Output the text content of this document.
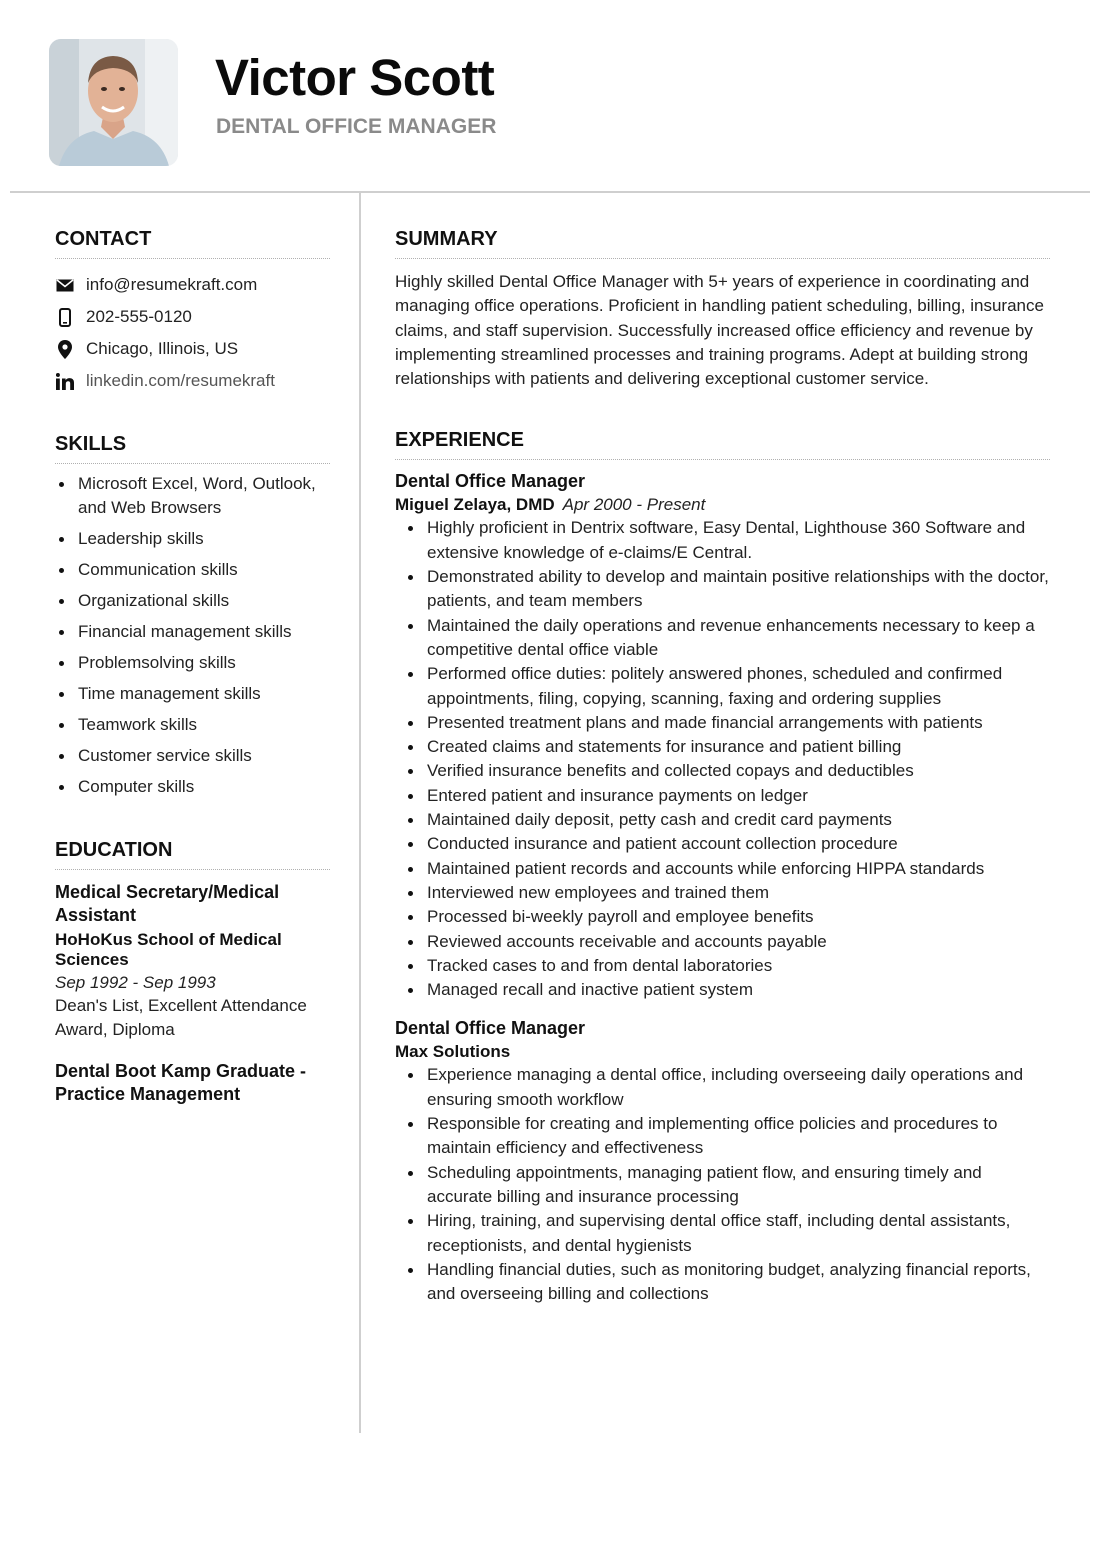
Victor Scott
DENTAL OFFICE MANAGER
CONTACT
info@resumekraft.com
202-555-0120
Chicago, Illinois, US
linkedin.com/resumekraft
SKILLS
Microsoft Excel, Word, Outlook, and Web Browsers
Leadership skills
Communication skills
Organizational skills
Financial management skills
Problemsolving skills
Time management skills
Teamwork skills
Customer service skills
Computer skills
EDUCATION

Medical Secretary/Medical Assistant

HoHoKus School of Medical Sciences

Sep 1992 - Sep 1993

Dean's List, Excellent Attendance Award, Diploma

Dental Boot Kamp Graduate - Practice Management

SUMMARY

Highly skilled Dental Office Manager with 5+ years of experience in coordinating and managing office operations. Proficient in handling patient scheduling, billing, insurance claims, and staff supervision. Successfully increased office efficiency and revenue by implementing streamlined processes and training programs. Adept at building strong relationships with patients and delivering exceptional customer service.

EXPERIENCE

Dental Office Manager

Miguel Zelaya, DMD Apr 2000 - Present

Highly proficient in Dentrix software, Easy Dental, Lighthouse 360 Software and extensive knowledge of e-claims/E Central.
Demonstrated ability to develop and maintain positive relationships with the doctor, patients, and team members
Maintained the daily operations and revenue enhancements necessary to keep a competitive dental office viable
Performed office duties: politely answered phones, scheduled and confirmed appointments, filing, copying, scanning, faxing and ordering supplies
Presented treatment plans and made financial arrangements with patients
Created claims and statements for insurance and patient billing
Verified insurance benefits and collected copays and deductibles
Entered patient and insurance payments on ledger
Maintained daily deposit, petty cash and credit card payments
Conducted insurance and patient account collection procedure
Maintained patient records and accounts while enforcing HIPPA standards
Interviewed new employees and trained them
Processed bi-weekly payroll and employee benefits
Reviewed accounts receivable and accounts payable
Tracked cases to and from dental laboratories
Managed recall and inactive patient system

Dental Office Manager

Max Solutions

Experience managing a dental office, including overseeing daily operations and ensuring smooth workflow
Responsible for creating and implementing office policies and procedures to maintain efficiency and effectiveness
Scheduling appointments, managing patient flow, and ensuring timely and accurate billing and insurance processing
Hiring, training, and supervising dental office staff, including dental assistants, receptionists, and dental hygienists
Handling financial duties, such as monitoring budget, analyzing financial reports, and overseeing billing and collections
